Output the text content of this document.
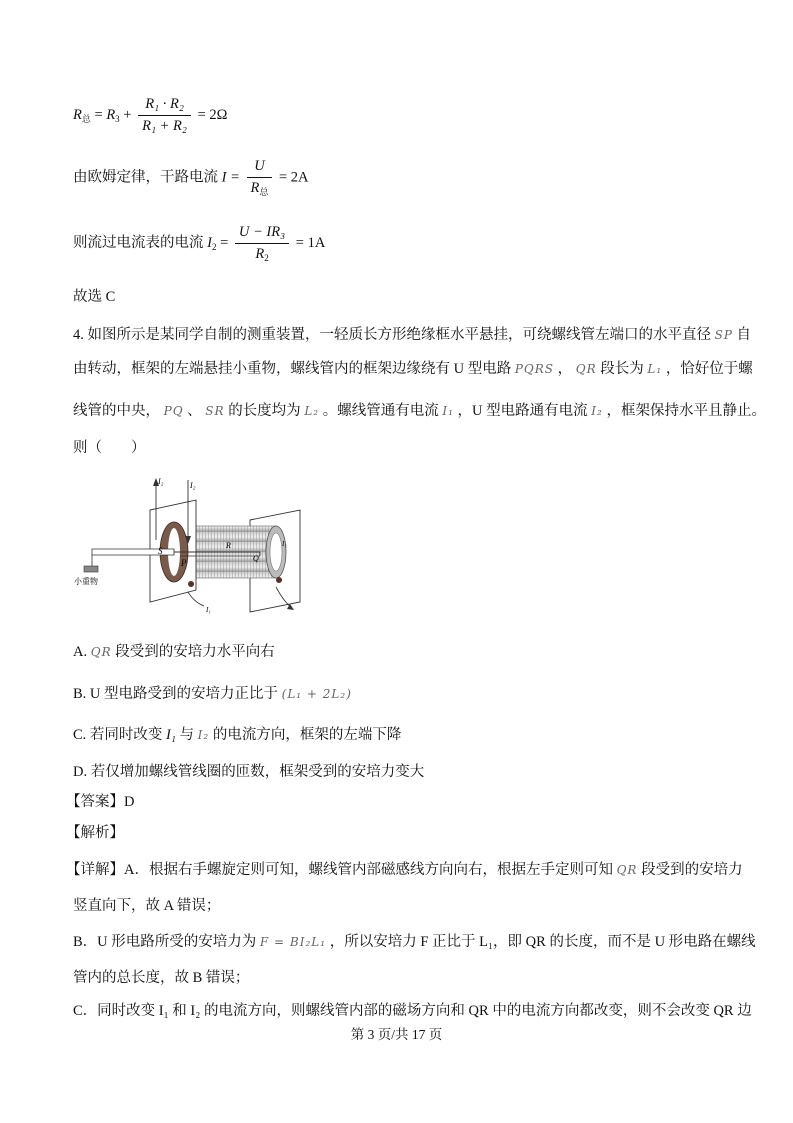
$R_总 = R_3 + \frac{\text{R₁ · R₂}}{\text{R₁ + R₂}} = 2\Omega$
由欧姆定律，干路电流 $I = \frac{U}{R_总} = 2A$
则流过电流表的电流 $I_2 = \frac{\text{U − IR₃}}{R_2} = 1A$
故选 C
4. 如图所示是某同学自制的测重装置，一轻质长方形绝缘框水平悬挂，可绕螺线管左端口的水平直径 SP 自
由转动，框架的左端悬挂小重物，螺线管内的框架边缘绕有 U 型电路 PQRS ， QR 段长为 L₁ ，恰好位于螺
线管的中央， PQ 、 SR 的长度均为 L₂ 。螺线管通有电流 I₁ ，U 型电路通有电流 I₂ ，框架保持水平且静止。
则（　　）
I₂	I₂
S
P
R
Q
I₁
I₁
小重物
A. QR 段受到的安培力水平向右
B. U 型电路受到的安培力正比于 (L₁ + 2L₂)
C. 若同时改变 I₁ 与 I₂ 的电流方向，框架的左端下降
D. 若仅增加螺线管线圈的匝数，框架受到的安培力变大
【答案】D
【解析】
【详解】A．根据右手螺旋定则可知，螺线管内部磁感线方向向右，根据左手定则可知 QR 段受到的安培力
竖直向下，故 A 错误；
B．U 形电路所受的安培力为 F = BI₂L₁ ，所以安培力 F 正比于 L₁，即 QR 的长度，而不是 U 形电路在螺线
管内的总长度，故 B 错误；
C．同时改变 I₁ 和 I₂ 的电流方向，则螺线管内部的磁场方向和 QR 中的电流方向都改变，则不会改变 QR 边
第 3 页/共 17 页
